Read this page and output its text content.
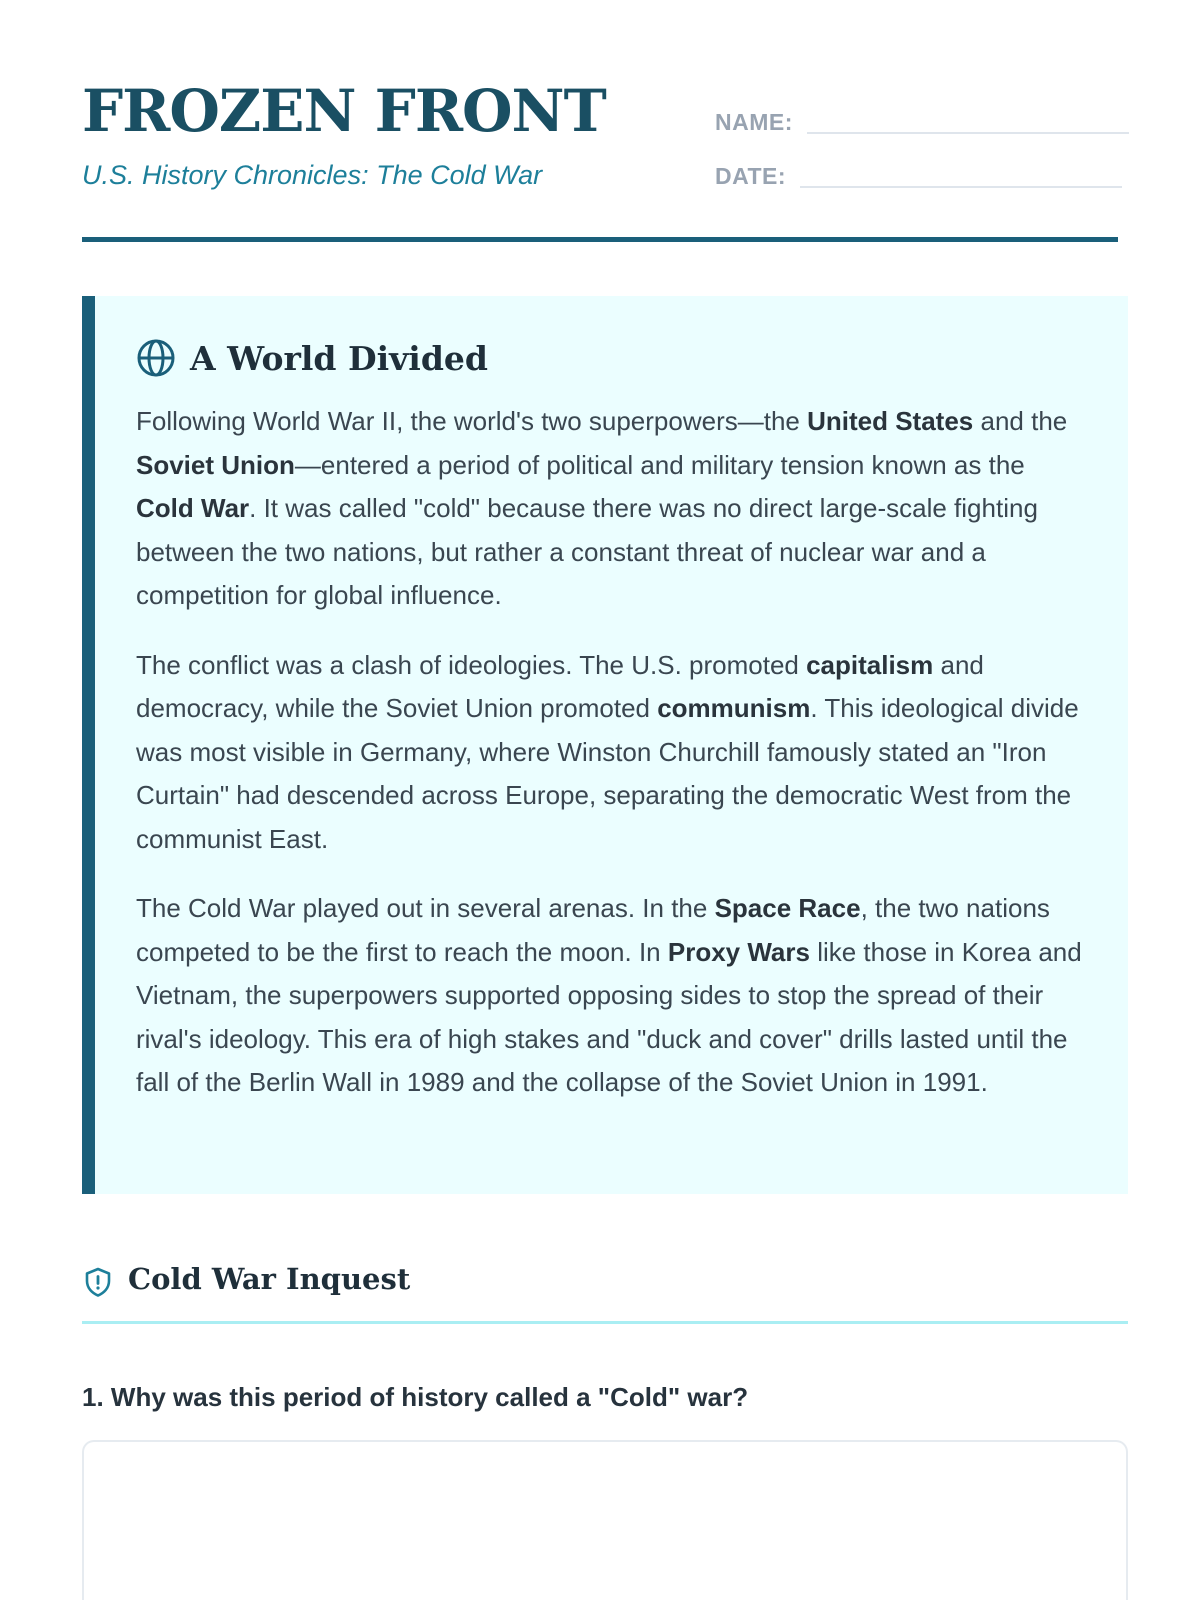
FROZEN FRONT

U.S. History Chronicles: The Cold War

NAME:
DATE:
A World Divided

Following World War II, the world's two superpowers—the United States and the Soviet Union—entered a period of political and military tension known as the Cold War. It was called "cold" because there was no direct large-scale fighting between the two nations, but rather a constant threat of nuclear war and a competition for global influence.

The conflict was a clash of ideologies. The U.S. promoted capitalism and democracy, while the Soviet Union promoted communism. This ideological divide was most visible in Germany, where Winston Churchill famously stated an "Iron Curtain" had descended across Europe, separating the democratic West from the communist East.

The Cold War played out in several arenas. In the Space Race, the two nations competed to be the first to reach the moon. In Proxy Wars like those in Korea and Vietnam, the superpowers supported opposing sides to stop the spread of their rival's ideology. This era of high stakes and "duck and cover" drills lasted until the fall of the Berlin Wall in 1989 and the collapse of the Soviet Union in 1991.

Cold War Inquest

1. Why was this period of history called a "Cold" war?
